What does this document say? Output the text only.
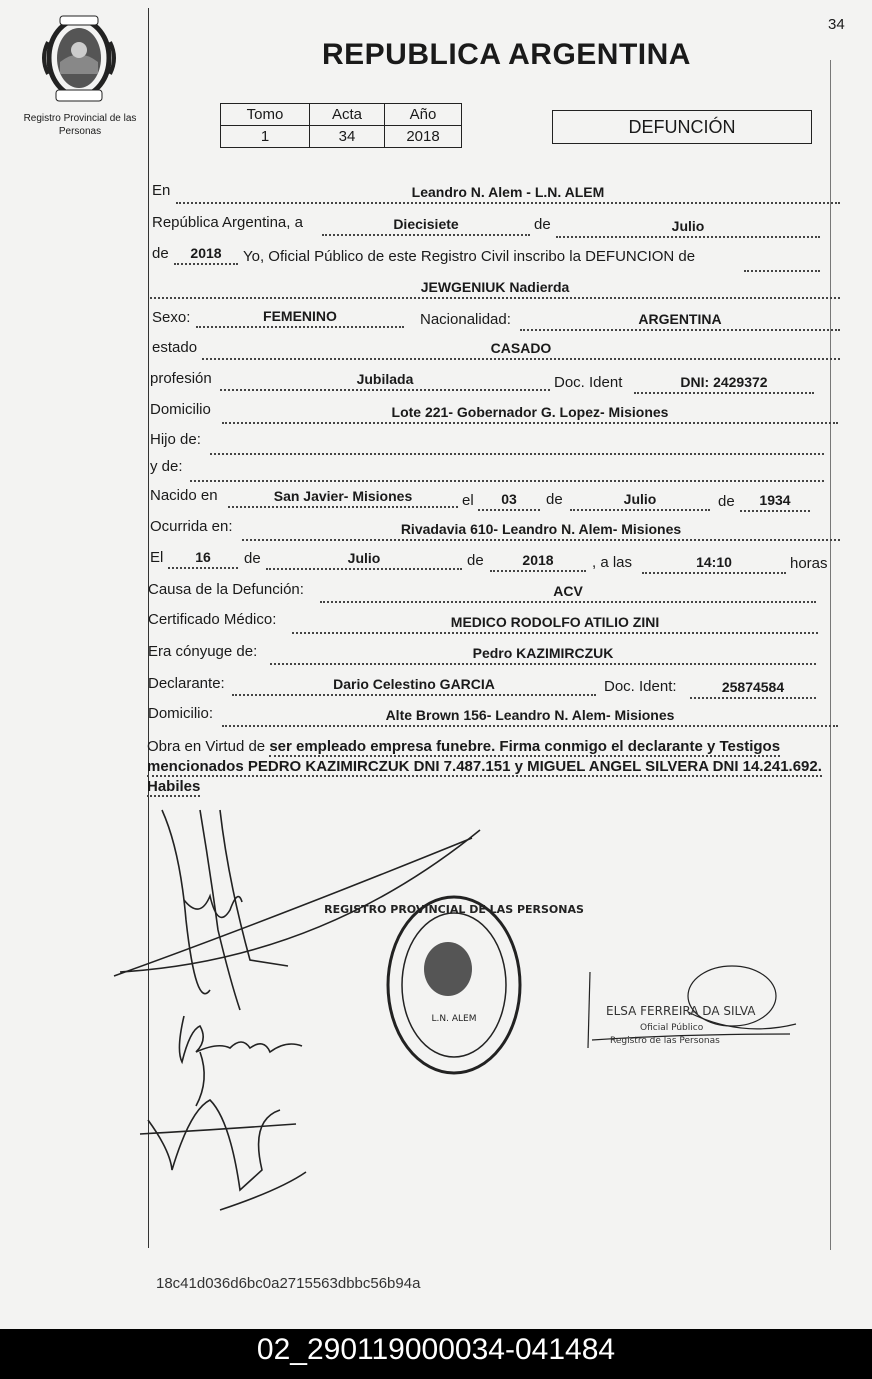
34
Registro Provincial de las Personas
REPUBLICA ARGENTINA
Tomo	Acta	Año
1	34	2018	DEFUNCIÓN
En	Leandro N. Alem - L.N. ALEM
República Argentina, a	Diecisiete	de	Julio
de	2018	Yo, Oficial Público de este Registro Civil inscribo la DEFUNCION de
JEWGENIUK Nadierda
Sexo:	FEMENINO	Nacionalidad:	ARGENTINA
estado	CASADO
profesión	Jubilada	Doc. Ident	DNI: 2429372
Domicilio	Lote 221- Gobernador G. Lopez- Misiones
Hijo de:
y de:
Nacido en	San Javier- Misiones	el	03	de	Julio	de	1934
Ocurrida en:	Rivadavia 610- Leandro N. Alem- Misiones
El	16	de	Julio	de	2018	, a las	14:10	horas
Causa de la Defunción:	ACV
Certificado Médico:	MEDICO RODOLFO ATILIO ZINI
Era cónyuge de:	Pedro KAZIMIRCZUK
Declarante:	Dario Celestino GARCIA	Doc. Ident:	25874584
Domicilio:	Alte Brown 156- Leandro N. Alem- Misiones
Obra en Virtud de ser empleado empresa funebre. Firma conmigo el declarante y Testigos mencionados PEDRO KAZIMIRCZUK DNI 7.487.151 y MIGUEL ANGEL SILVERA DNI 14.241.692. Habiles
REGISTRO PROVINCIAL DE LAS PERSONAS
L.N. ALEM
ELSA FERREIRA DA SILVA
Oficial Público
Registro de las Personas
18c41d036d6bc0a2715563dbbc56b94a
02_290119000034-041484
